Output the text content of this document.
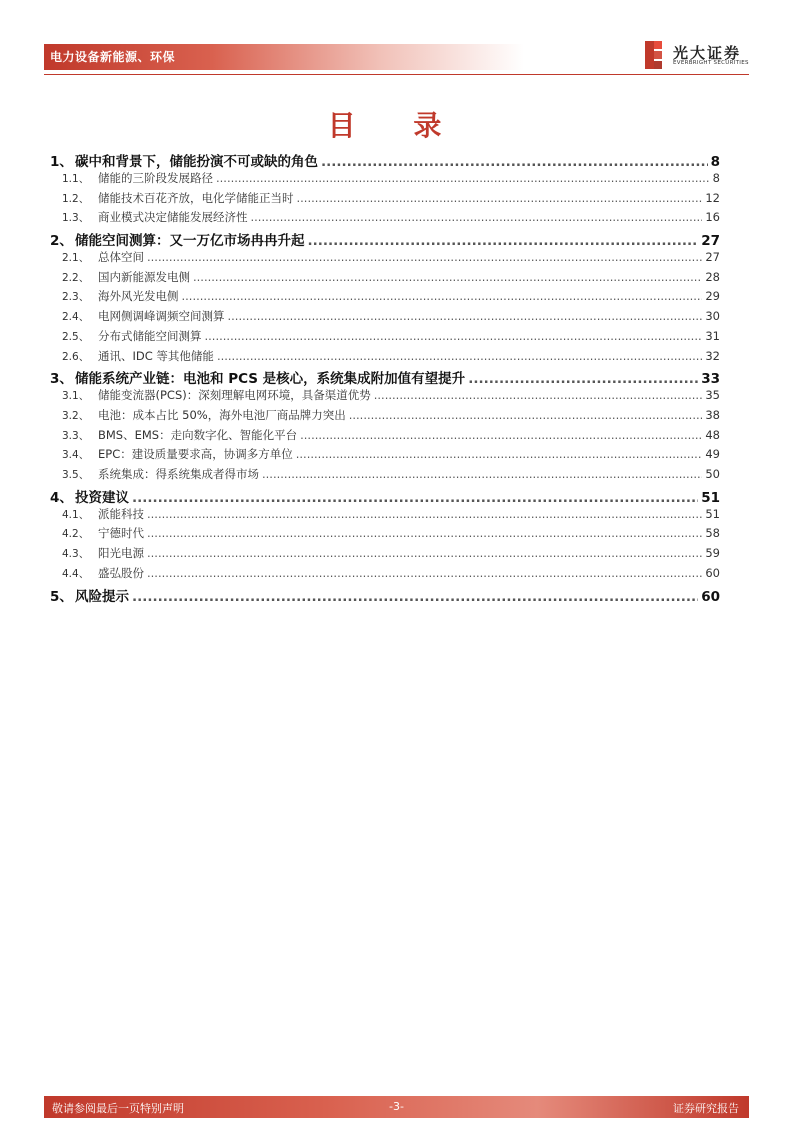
电力设备新能源、环保	光大证券
EVERBRIGHT SECURITIES
目 录
1、 碳中和背景下，储能扮演不可或缺的角色 .....	8
1.1、 储能的三阶段发展路径 .....	8
1.2、 储能技术百花齐放，电化学储能正当时 .....	12
1.3、 商业模式决定储能发展经济性 .....	16
2、 储能空间测算：又一万亿市场冉冉升起 .....	27
2.1、 总体空间 .....	27
2.2、 国内新能源发电侧 .....	28
2.3、 海外风光发电侧 .....	29
2.4、 电网侧调峰调频空间测算 .....	30
2.5、 分布式储能空间测算 .....	31
2.6、 通讯、IDC 等其他储能 .....	32
3、 储能系统产业链：电池和 PCS 是核心，系统集成附加值有望提升 .....	33
3.1、 储能变流器(PCS)：深刻理解电网环境，具备渠道优势 .....	35
3.2、 电池：成本占比 50%，海外电池厂商品牌力突出 .....	38
3.3、 BMS、EMS：走向数字化、智能化平台 .....	48
3.4、 EPC：建设质量要求高，协调多方单位 .....	49
3.5、 系统集成：得系统集成者得市场 .....	50
4、 投资建议 .....	51
4.1、 派能科技 .....	51
4.2、 宁德时代 .....	58
4.3、 阳光电源 .....	59
4.4、 盛弘股份 .....	60
5、 风险提示 .....	60
敬请参阅最后一页特别声明	-3-	证券研究报告
